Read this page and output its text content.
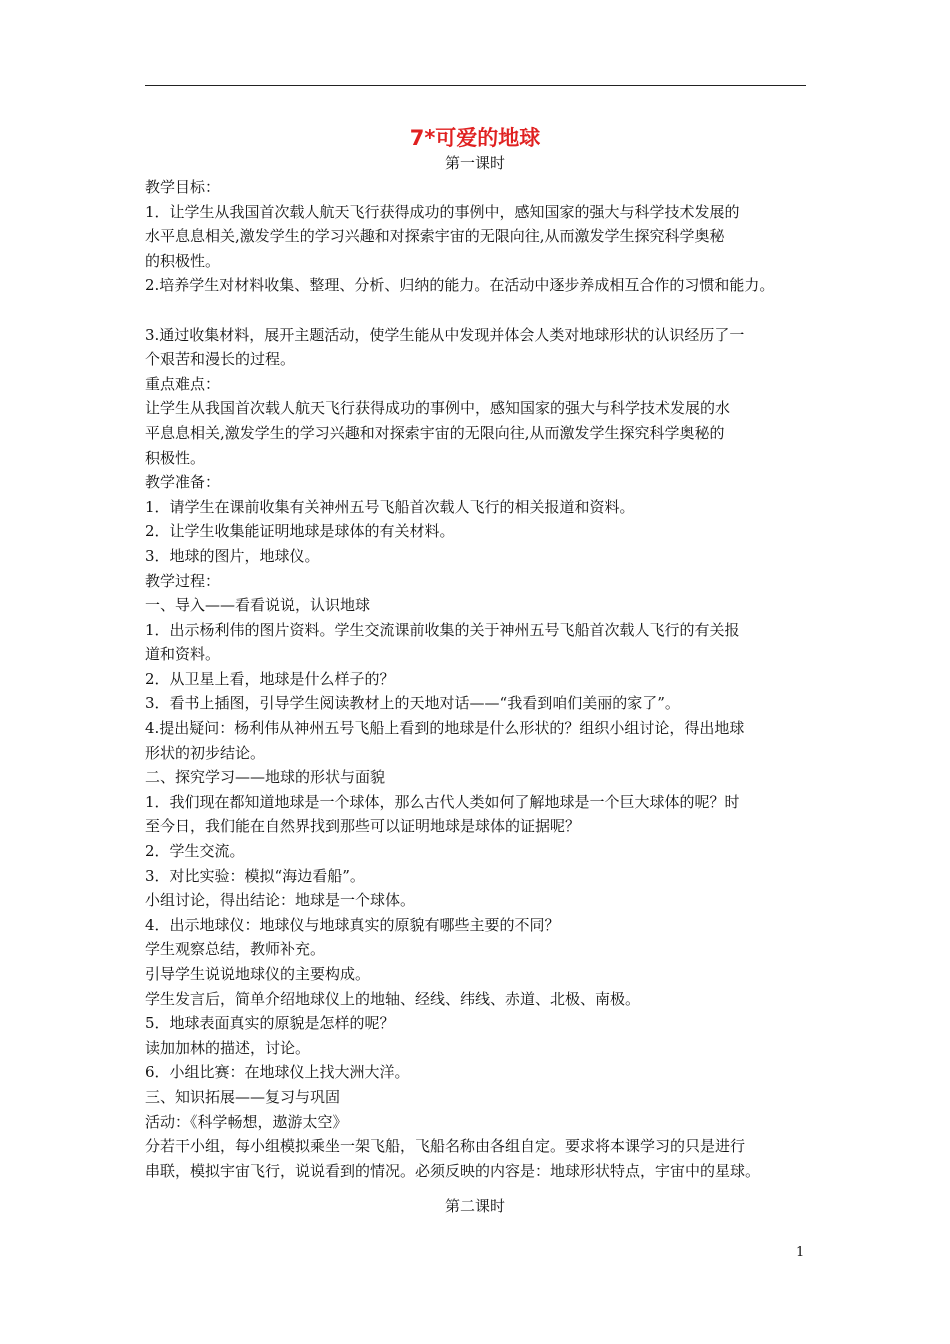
7*可爱的地球
第一课时

教学目标：

1．让学生从我国首次载人航天飞行获得成功的事例中，感知国家的强大与科学技术发展的

水平息息相关,激发学生的学习兴趣和对探索宇宙的无限向往,从而激发学生探究科学奥秘

的积极性。

2.培养学生对材料收集、整理、分析、归纳的能力。在活动中逐步养成相互合作的习惯和能力。

3.通过收集材料，展开主题活动，使学生能从中发现并体会人类对地球形状的认识经历了一

个艰苦和漫长的过程。

重点难点：

让学生从我国首次载人航天飞行获得成功的事例中，感知国家的强大与科学技术发展的水

平息息相关,激发学生的学习兴趣和对探索宇宙的无限向往,从而激发学生探究科学奥秘的

积极性。

教学准备：

1．请学生在课前收集有关神州五号飞船首次载人飞行的相关报道和资料。

2．让学生收集能证明地球是球体的有关材料。

3．地球的图片，地球仪。

教学过程：

一、导入——看看说说，认识地球

1．出示杨利伟的图片资料。学生交流课前收集的关于神州五号飞船首次载人飞行的有关报

道和资料。

2．从卫星上看，地球是什么样子的？

3．看书上插图，引导学生阅读教材上的天地对话——“我看到咱们美丽的家了”。

4.提出疑问：杨利伟从神州五号飞船上看到的地球是什么形状的？组织小组讨论，得出地球

形状的初步结论。

二、探究学习——地球的形状与面貌

1．我们现在都知道地球是一个球体，那么古代人类如何了解地球是一个巨大球体的呢？时

至今日，我们能在自然界找到那些可以证明地球是球体的证据呢？

2．学生交流。

3．对比实验：模拟“海边看船”。

小组讨论，得出结论：地球是一个球体。

4．出示地球仪：地球仪与地球真实的原貌有哪些主要的不同？

学生观察总结，教师补充。

引导学生说说地球仪的主要构成。

学生发言后，简单介绍地球仪上的地轴、经线、纬线、赤道、北极、南极。

5．地球表面真实的原貌是怎样的呢？

读加加林的描述，讨论。

6．小组比赛：在地球仪上找大洲大洋。

三、知识拓展——复习与巩固

活动：《科学畅想，遨游太空》

分若干小组，每小组模拟乘坐一架飞船，飞船名称由各组自定。要求将本课学习的只是进行

串联，模拟宇宙飞行，说说看到的情况。必须反映的内容是：地球形状特点，宇宙中的星球。

第二课时
1
